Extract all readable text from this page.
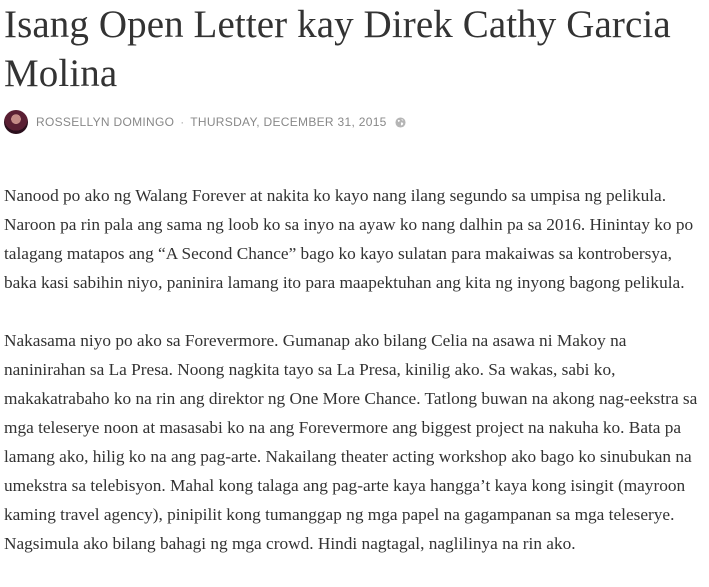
Isang Open Letter kay Direk Cathy Garcia Molina
ROSSELLYN DOMINGO · THURSDAY, DECEMBER 31, 2015

Nanood po ako ng Walang Forever at nakita ko kayo nang ilang segundo sa umpisa ng pelikula. Naroon pa rin pala ang sama ng loob ko sa inyo na ayaw ko nang dalhin pa sa 2016. Hinintay ko po talagang matapos ang “A Second Chance” bago ko kayo sulatan para makaiwas sa kontrobersya, baka kasi sabihin niyo, paninira lamang ito para maapektuhan ang kita ng inyong bagong pelikula.

Nakasama niyo po ako sa Forevermore. Gumanap ako bilang Celia na asawa ni Makoy na naninirahan sa La Presa. Noong nagkita tayo sa La Presa, kinilig ako. Sa wakas, sabi ko, makakatrabaho ko na rin ang direktor ng One More Chance. Tatlong buwan na akong nag-eekstra sa mga teleserye noon at masasabi ko na ang Forevermore ang biggest project na nakuha ko. Bata pa lamang ako, hilig ko na ang pag-arte. Nakailang theater acting workshop ako bago ko sinubukan na umekstra sa telebisyon. Mahal kong talaga ang pag-arte kaya hangga’t kaya kong isingit (mayroon kaming travel agency), pinipilit kong tumanggap ng mga papel na gagampanan sa mga teleserye. Nagsimula ako bilang bahagi ng mga crowd. Hindi nagtagal, naglilinya na rin ako.
